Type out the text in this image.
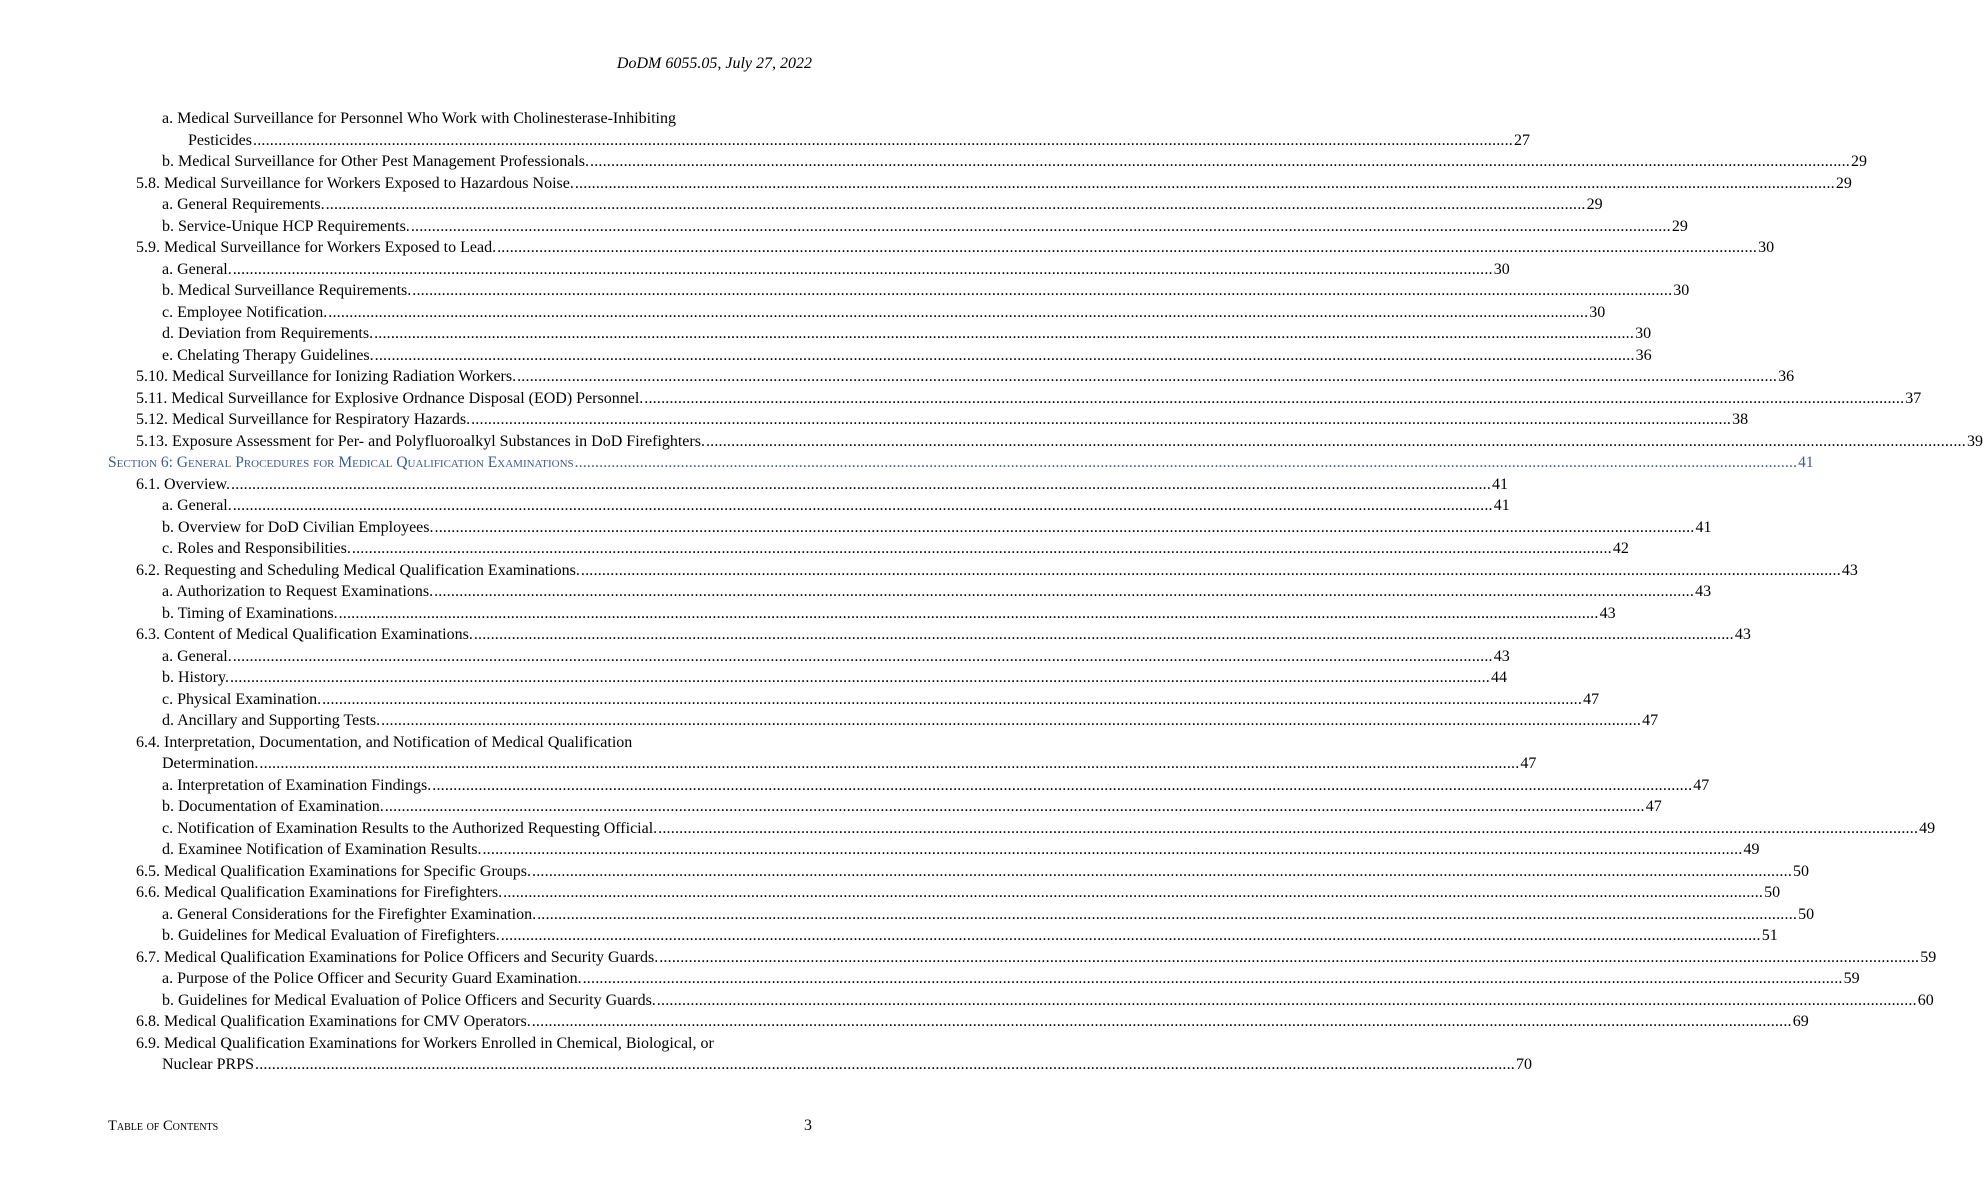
DoDM 6055.05, July 27, 2022
a. Medical Surveillance for Personnel Who Work with Cholinesterase-Inhibiting
Pesticides ............................................................................................................................................................................................................................................................................................................ 27
b. Medical Surveillance for Other Pest Management Professionals. ............................................................................................................................................................................................................................................................................................................ 29
5.8. Medical Surveillance for Workers Exposed to Hazardous Noise. ............................................................................................................................................................................................................................................................................................................ 29
a. General Requirements. ............................................................................................................................................................................................................................................................................................................ 29
b. Service-Unique HCP Requirements. ............................................................................................................................................................................................................................................................................................................ 29
5.9. Medical Surveillance for Workers Exposed to Lead. ............................................................................................................................................................................................................................................................................................................ 30
a. General. ............................................................................................................................................................................................................................................................................................................ 30
b. Medical Surveillance Requirements. ............................................................................................................................................................................................................................................................................................................ 30
c. Employee Notification. ............................................................................................................................................................................................................................................................................................................ 30
d. Deviation from Requirements. ............................................................................................................................................................................................................................................................................................................ 30
e. Chelating Therapy Guidelines. ............................................................................................................................................................................................................................................................................................................ 36
5.10. Medical Surveillance for Ionizing Radiation Workers. ............................................................................................................................................................................................................................................................................................................ 36
5.11. Medical Surveillance for Explosive Ordnance Disposal (EOD) Personnel. ............................................................................................................................................................................................................................................................................................................ 37
5.12. Medical Surveillance for Respiratory Hazards. ............................................................................................................................................................................................................................................................................................................ 38
5.13. Exposure Assessment for Per- and Polyfluoroalkyl Substances in DoD Firefighters. ............................................................................................................................................................................................................................................................................................................ 39
Section 6: General Procedures for Medical Qualification Examinations ............................................................................................................................................................................................................................................................................................................ 41
6.1. Overview. ............................................................................................................................................................................................................................................................................................................ 41
a. General. ............................................................................................................................................................................................................................................................................................................ 41
b. Overview for DoD Civilian Employees. ............................................................................................................................................................................................................................................................................................................ 41
c. Roles and Responsibilities. ............................................................................................................................................................................................................................................................................................................ 42
6.2. Requesting and Scheduling Medical Qualification Examinations. ............................................................................................................................................................................................................................................................................................................ 43
a. Authorization to Request Examinations. ............................................................................................................................................................................................................................................................................................................ 43
b. Timing of Examinations. ............................................................................................................................................................................................................................................................................................................ 43
6.3. Content of Medical Qualification Examinations. ............................................................................................................................................................................................................................................................................................................ 43
a. General. ............................................................................................................................................................................................................................................................................................................ 43
b. History. ............................................................................................................................................................................................................................................................................................................ 44
c. Physical Examination. ............................................................................................................................................................................................................................................................................................................ 47
d. Ancillary and Supporting Tests. ............................................................................................................................................................................................................................................................................................................ 47
6.4. Interpretation, Documentation, and Notification of Medical Qualification
Determination. ............................................................................................................................................................................................................................................................................................................ 47
a. Interpretation of Examination Findings. ............................................................................................................................................................................................................................................................................................................ 47
b. Documentation of Examination. ............................................................................................................................................................................................................................................................................................................ 47
c. Notification of Examination Results to the Authorized Requesting Official. ............................................................................................................................................................................................................................................................................................................ 49
d. Examinee Notification of Examination Results. ............................................................................................................................................................................................................................................................................................................ 49
6.5. Medical Qualification Examinations for Specific Groups. ............................................................................................................................................................................................................................................................................................................ 50
6.6. Medical Qualification Examinations for Firefighters. ............................................................................................................................................................................................................................................................................................................ 50
a. General Considerations for the Firefighter Examination. ............................................................................................................................................................................................................................................................................................................ 50
b. Guidelines for Medical Evaluation of Firefighters. ............................................................................................................................................................................................................................................................................................................ 51
6.7. Medical Qualification Examinations for Police Officers and Security Guards. ............................................................................................................................................................................................................................................................................................................ 59
a. Purpose of the Police Officer and Security Guard Examination. ............................................................................................................................................................................................................................................................................................................ 59
b. Guidelines for Medical Evaluation of Police Officers and Security Guards. ............................................................................................................................................................................................................................................................................................................ 60
6.8. Medical Qualification Examinations for CMV Operators. ............................................................................................................................................................................................................................................................................................................ 69
6.9. Medical Qualification Examinations for Workers Enrolled in Chemical, Biological, or
Nuclear PRPS ............................................................................................................................................................................................................................................................................................................ 70
Table of Contents	3
